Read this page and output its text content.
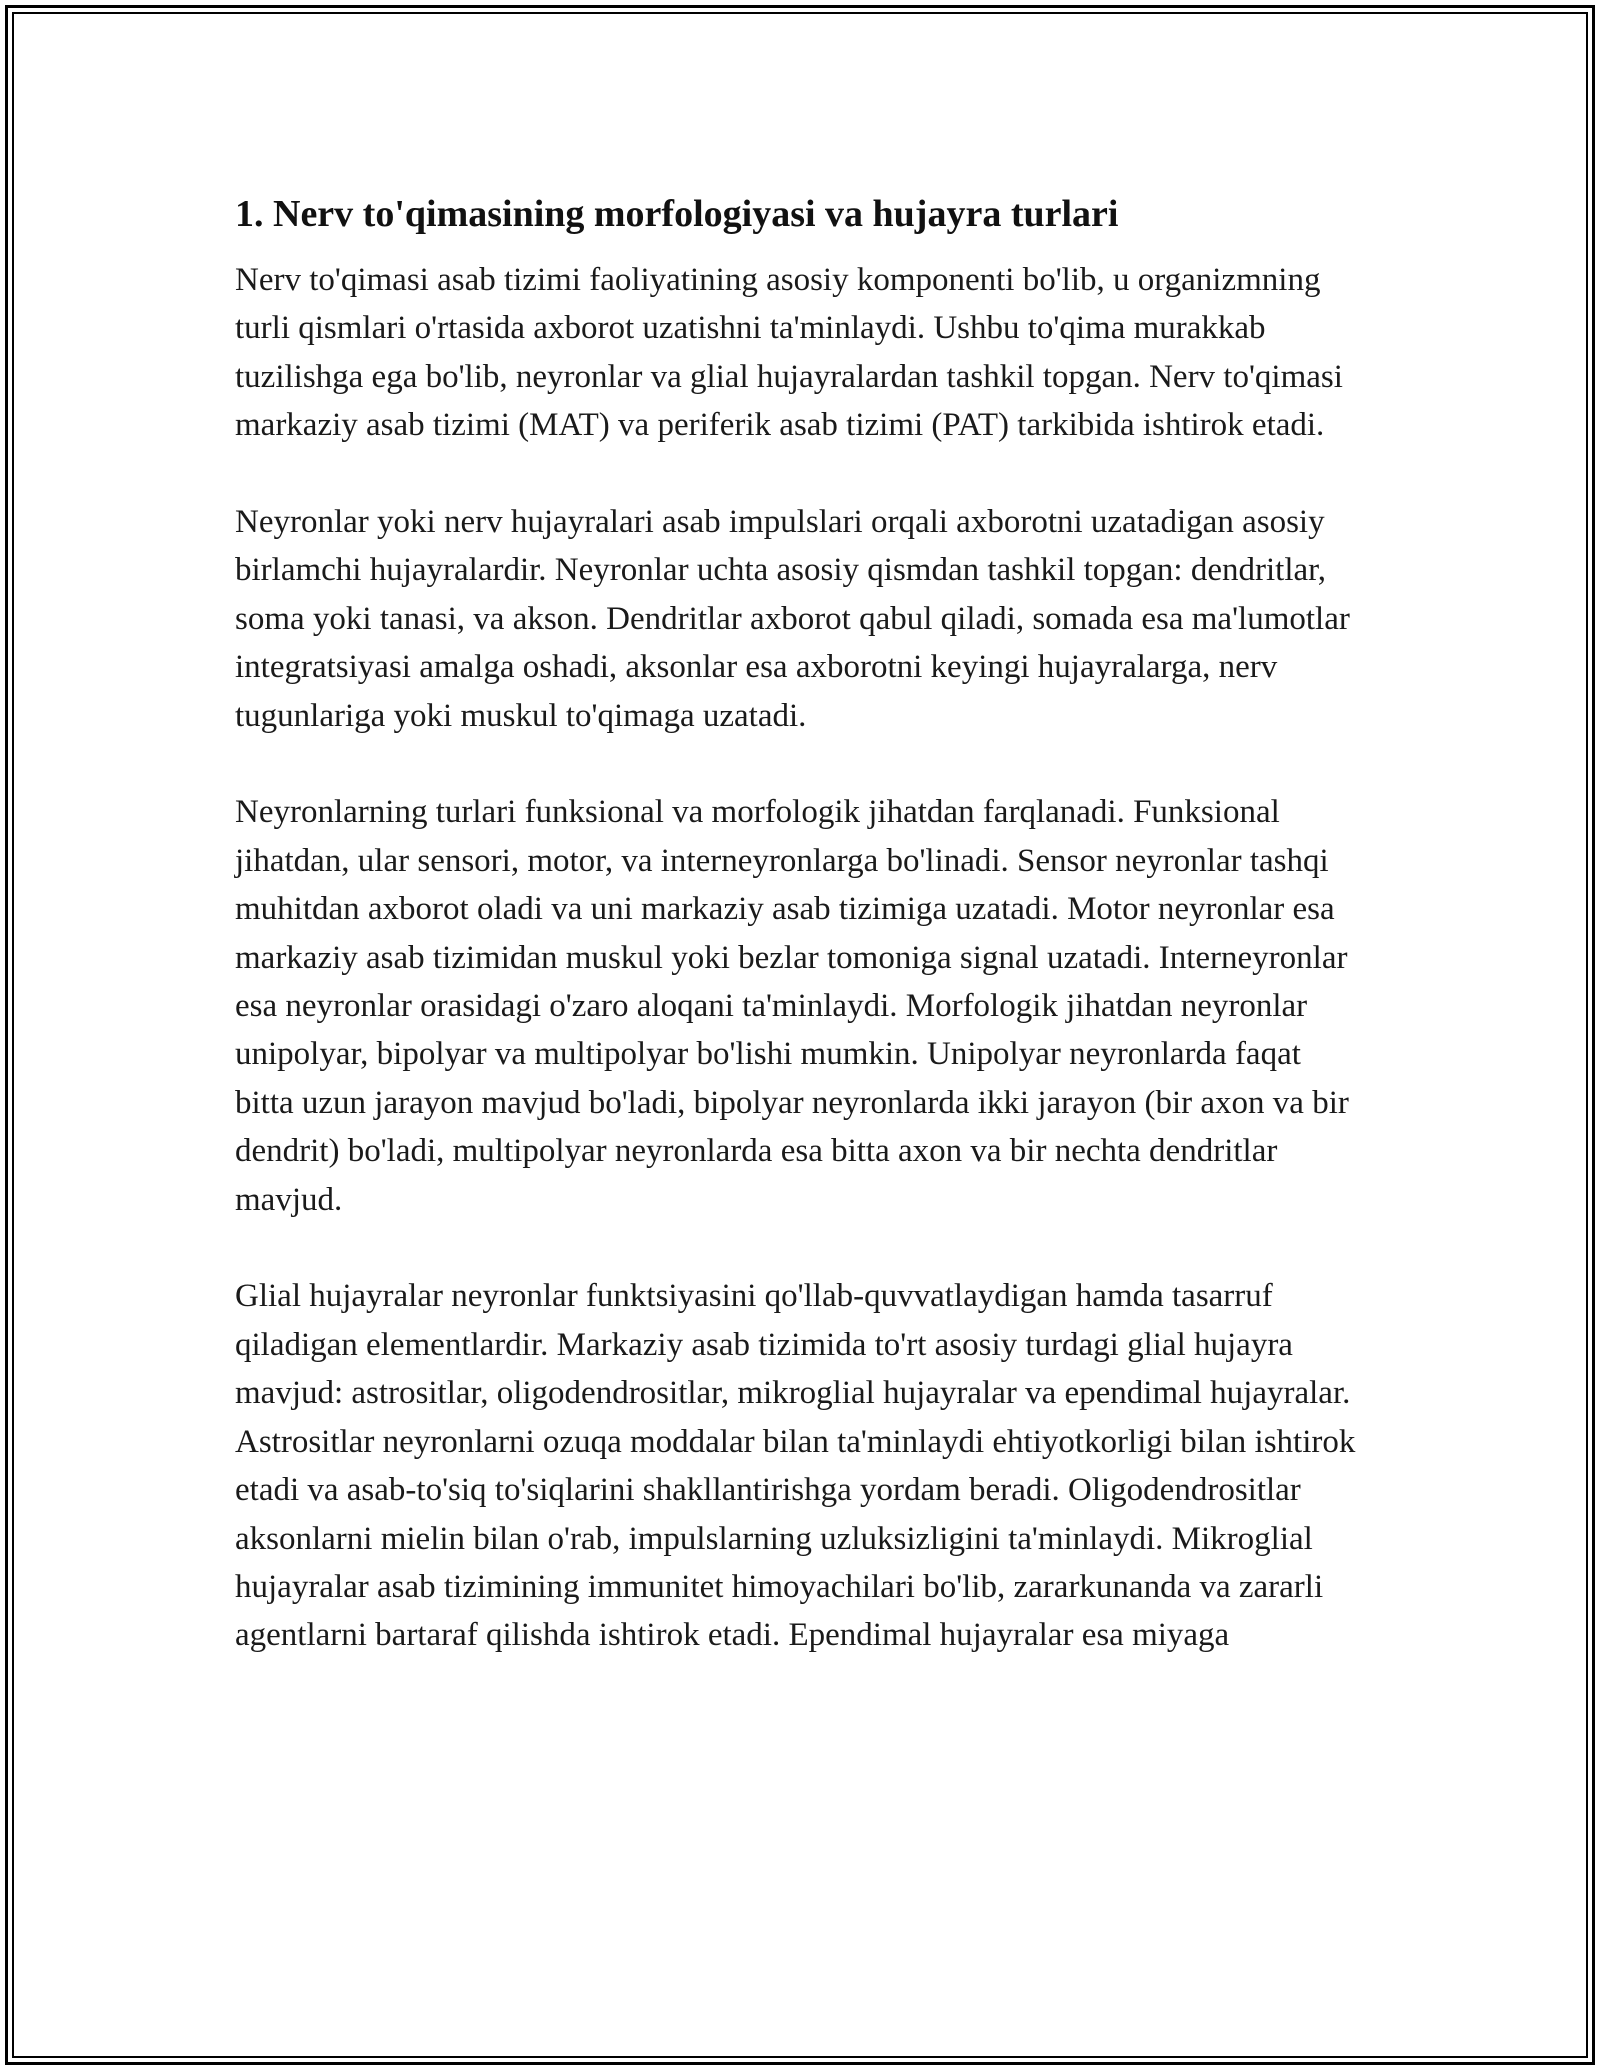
1. Nerv to'qimasining morfologiyasi va hujayra turlari

Nerv to'qimasi asab tizimi faoliyatining asosiy komponenti bo'lib, u organizmning turli qismlari o'rtasida axborot uzatishni ta'minlaydi. Ushbu to'qima murakkab tuzilishga ega bo'lib, neyronlar va glial hujayralardan tashkil topgan. Nerv to'qimasi markaziy asab tizimi (MAT) va periferik asab tizimi (PAT) tarkibida ishtirok etadi.

Neyronlar yoki nerv hujayralari asab impulslari orqali axborotni uzatadigan asosiy birlamchi hujayralardir. Neyronlar uchta asosiy qismdan tashkil topgan: dendritlar, soma yoki tanasi, va akson. Dendritlar axborot qabul qiladi, somada esa ma'lumotlar integratsiyasi amalga oshadi, aksonlar esa axborotni keyingi hujayralarga, nerv tugunlariga yoki muskul to'qimaga uzatadi.

Neyronlarning turlari funksional va morfologik jihatdan farqlanadi. Funksional jihatdan, ular sensori, motor, va interneyronlarga bo'linadi. Sensor neyronlar tashqi muhitdan axborot oladi va uni markaziy asab tizimiga uzatadi. Motor neyronlar esa markaziy asab tizimidan muskul yoki bezlar tomoniga signal uzatadi. Interneyronlar esa neyronlar orasidagi o'zaro aloqani ta'minlaydi. Morfologik jihatdan neyronlar unipolyar, bipolyar va multipolyar bo'lishi mumkin. Unipolyar neyronlarda faqat bitta uzun jarayon mavjud bo'ladi, bipolyar neyronlarda ikki jarayon (bir axon va bir dendrit) bo'ladi, multipolyar neyronlarda esa bitta axon va bir nechta dendritlar mavjud.

Glial hujayralar neyronlar funktsiyasini qo'llab-quvvatlaydigan hamda tasarruf qiladigan elementlardir. Markaziy asab tizimida to'rt asosiy turdagi glial hujayra mavjud: astrositlar, oligodendrositlar, mikroglial hujayralar va ependimal hujayralar. Astrositlar neyronlarni ozuqa moddalar bilan ta'minlaydi ehtiyotkorligi bilan ishtirok etadi va asab-to'siq to'siqlarini shakllantirishga yordam beradi. Oligodendrositlar aksonlarni mielin bilan o'rab, impulslarning uzluksizligini ta'minlaydi. Mikroglial hujayralar asab tizimining immunitet himoyachilari bo'lib, zararkunanda va zararli agentlarni bartaraf qilishda ishtirok etadi. Ependimal hujayralar esa miyaga
